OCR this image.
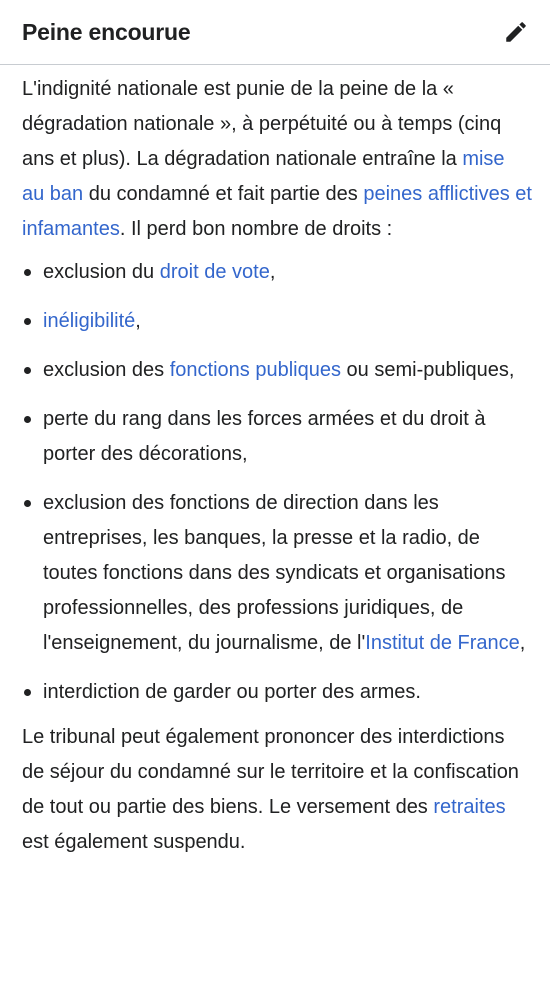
Peine encourue

L'indignité nationale est punie de la peine de la « dégradation nationale », à perpétuité ou à temps (cinq ans et plus). La dégradation nationale entraîne la mise au ban du condamné et fait partie des peines afflictives et infamantes. Il perd bon nombre de droits :

exclusion du droit de vote,
inéligibilité,
exclusion des fonctions publiques ou semi-publiques,
perte du rang dans les forces armées et du droit à porter des décorations,
exclusion des fonctions de direction dans les entreprises, les banques, la presse et la radio, de toutes fonctions dans des syndicats et organisations professionnelles, des professions juridiques, de l'enseignement, du journalisme, de l'Institut de France,
interdiction de garder ou porter des armes.

Le tribunal peut également prononcer des interdictions de séjour du condamné sur le territoire et la confiscation de tout ou partie des biens. Le versement des retraites est également suspendu.
